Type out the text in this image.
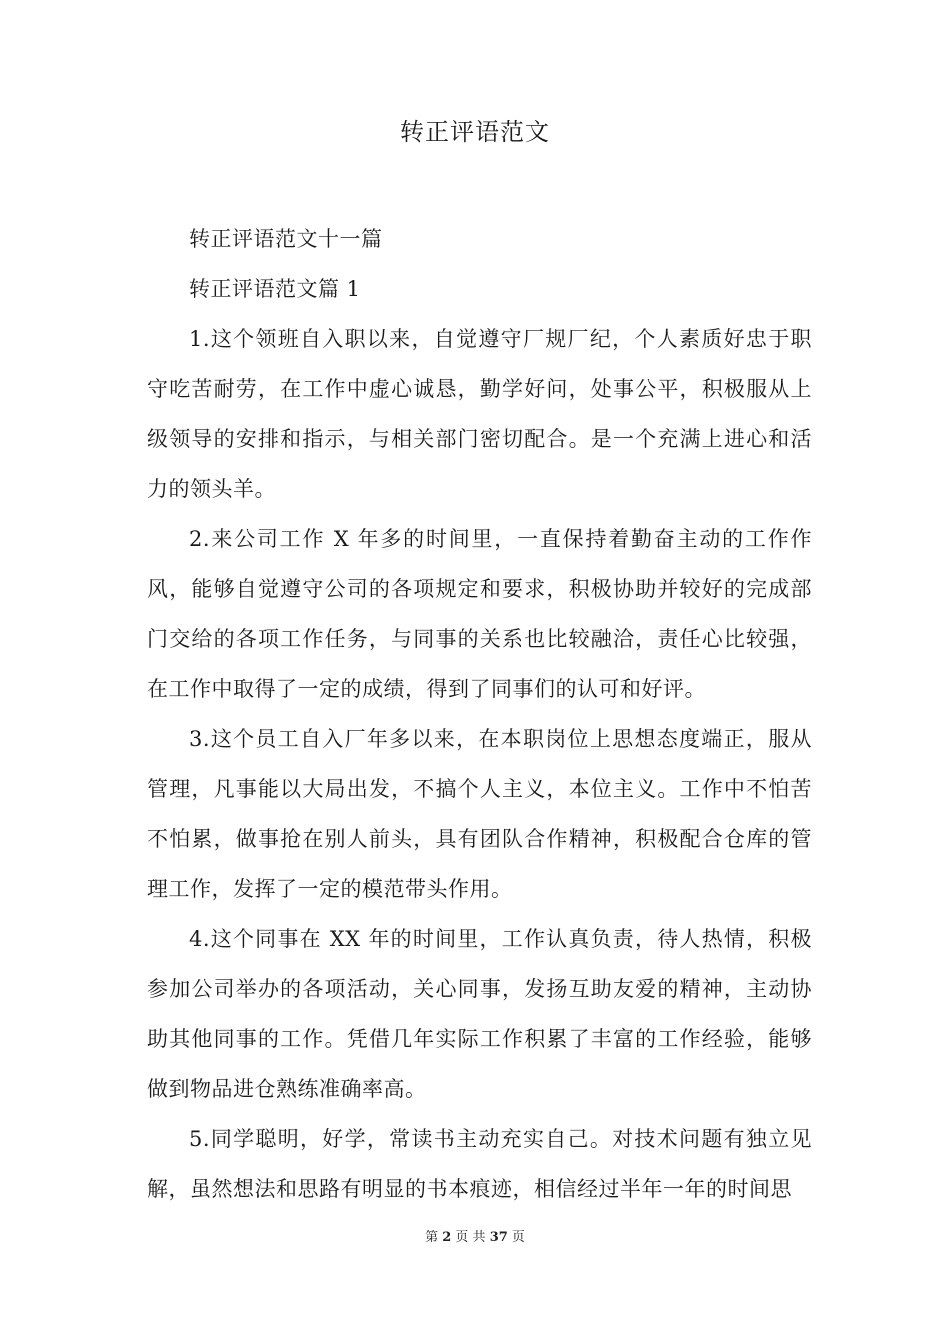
转正评语范文

转正评语范文十一篇

转正评语范文篇 1

1.这个领班自入职以来，自觉遵守厂规厂纪，个人素质好忠于职守吃苦耐劳，在工作中虚心诚恳，勤学好问，处事公平，积极服从上级领导的安排和指示，与相关部门密切配合。是一个充满上进心和活力的领头羊。

2.来公司工作 X 年多的时间里，一直保持着勤奋主动的工作作风，能够自觉遵守公司的各项规定和要求，积极协助并较好的完成部门交给的各项工作任务，与同事的关系也比较融洽，责任心比较强，在工作中取得了一定的成绩，得到了同事们的认可和好评。

3.这个员工自入厂年多以来，在本职岗位上思想态度端正，服从管理，凡事能以大局出发，不搞个人主义，本位主义。工作中不怕苦不怕累，做事抢在别人前头，具有团队合作精神，积极配合仓库的管理工作，发挥了一定的模范带头作用。

4.这个同事在 XX 年的时间里，工作认真负责，待人热情，积极参加公司举办的各项活动，关心同事，发扬互助友爱的精神，主动协助其他同事的工作。凭借几年实际工作积累了丰富的工作经验，能够做到物品进仓熟练准确率高。

5.同学聪明，好学，常读书主动充实自己。对技术问题有独立见解，虽然想法和思路有明显的书本痕迹，相信经过半年一年的时间思

第 2 页 共 37 页
